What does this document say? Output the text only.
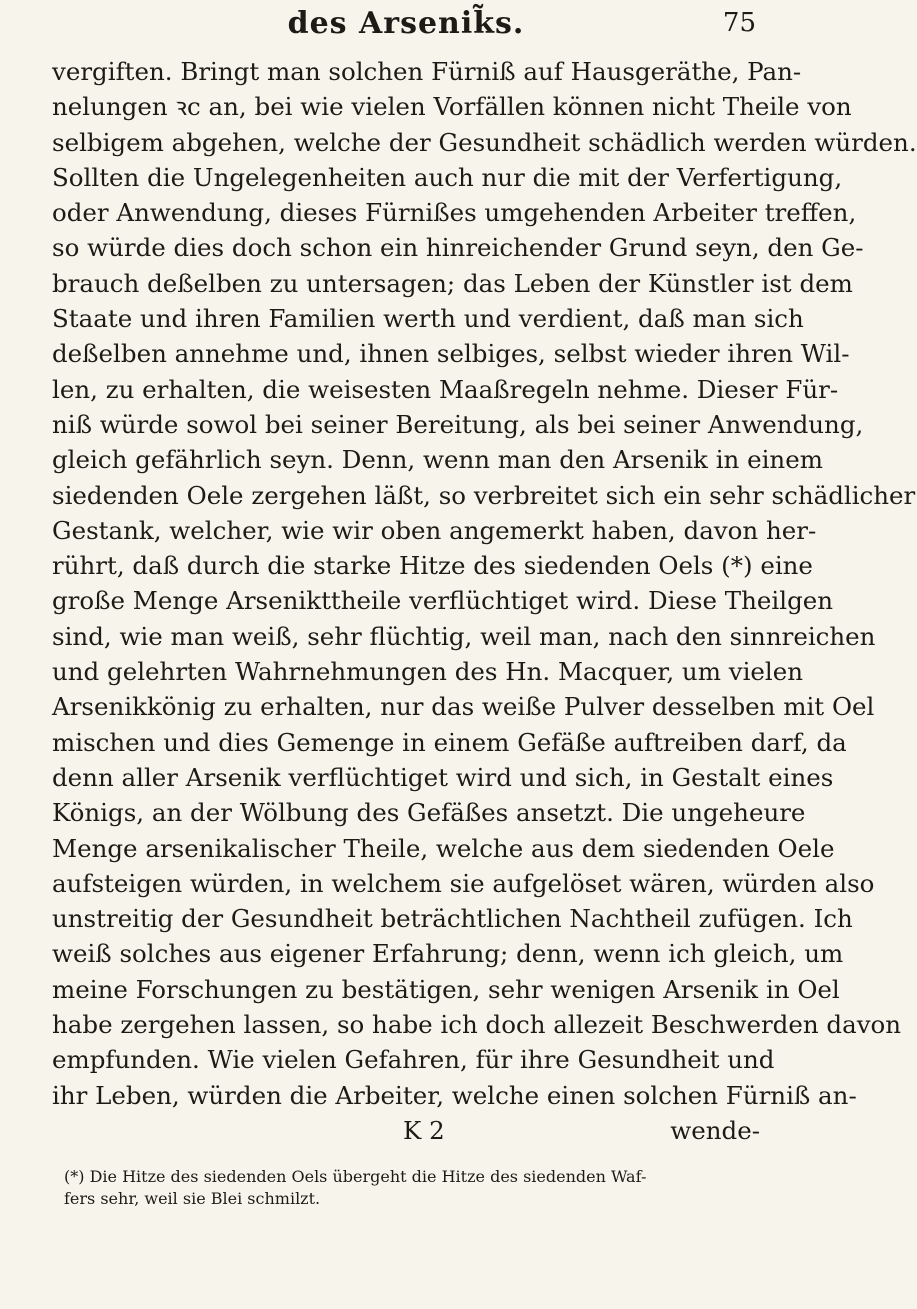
des Arsenik̃s.	75
vergiften. Bringt man solchen Fürniß auf Hausgeräthe, Pan-
nelungen ꝛc an, bei wie vielen Vorfällen können nicht Theile von
selbigem abgehen, welche der Gesundheit schädlich werden würden.
Sollten die Ungelegenheiten auch nur die mit der Verfertigung,
oder Anwendung, dieses Fürnißes umgehenden Arbeiter treffen,
so würde dies doch schon ein hinreichender Grund seyn, den Ge-
brauch deßelben zu untersagen; das Leben der Künstler ist dem
Staate und ihren Familien werth und verdient, daß man sich
deßelben annehme und, ihnen selbiges, selbst wieder ihren Wil-
len, zu erhalten, die weisesten Maaßregeln nehme. Dieser Für-
niß würde sowol bei seiner Bereitung, als bei seiner Anwendung,
gleich gefährlich seyn. Denn, wenn man den Arsenik in einem
siedenden Oele zergehen läßt, so verbreitet sich ein sehr schädlicher
Gestank, welcher, wie wir oben angemerkt haben, davon her-
rührt, daß durch die starke Hitze des siedenden Oels (*) eine
große Menge Arsenikttheile verflüchtiget wird. Diese Theilgen
sind, wie man weiß, sehr flüchtig, weil man, nach den sinnreichen
und gelehrten Wahrnehmungen des Hn. Macquer, um vielen
Arsenikkönig zu erhalten, nur das weiße Pulver desselben mit Oel
mischen und dies Gemenge in einem Gefäße auftreiben darf, da
denn aller Arsenik verflüchtiget wird und sich, in Gestalt eines
Königs, an der Wölbung des Gefäßes ansetzt. Die ungeheure
Menge arsenikalischer Theile, welche aus dem siedenden Oele
aufsteigen würden, in welchem sie aufgelöset wären, würden also
unstreitig der Gesundheit beträchtlichen Nachtheil zufügen. Ich
weiß solches aus eigener Erfahrung; denn, wenn ich gleich, um
meine Forschungen zu bestätigen, sehr wenigen Arsenik in Oel
habe zergehen lassen, so habe ich doch allezeit Beschwerden davon
empfunden. Wie vielen Gefahren, für ihre Gesundheit und
ihr Leben, würden die Arbeiter, welche einen solchen Fürniß an-
K 2	wende-
(*) Die Hitze des siedenden Oels übergeht die Hitze des siedenden Waf-
fers sehr, weil sie Blei schmilzt.
